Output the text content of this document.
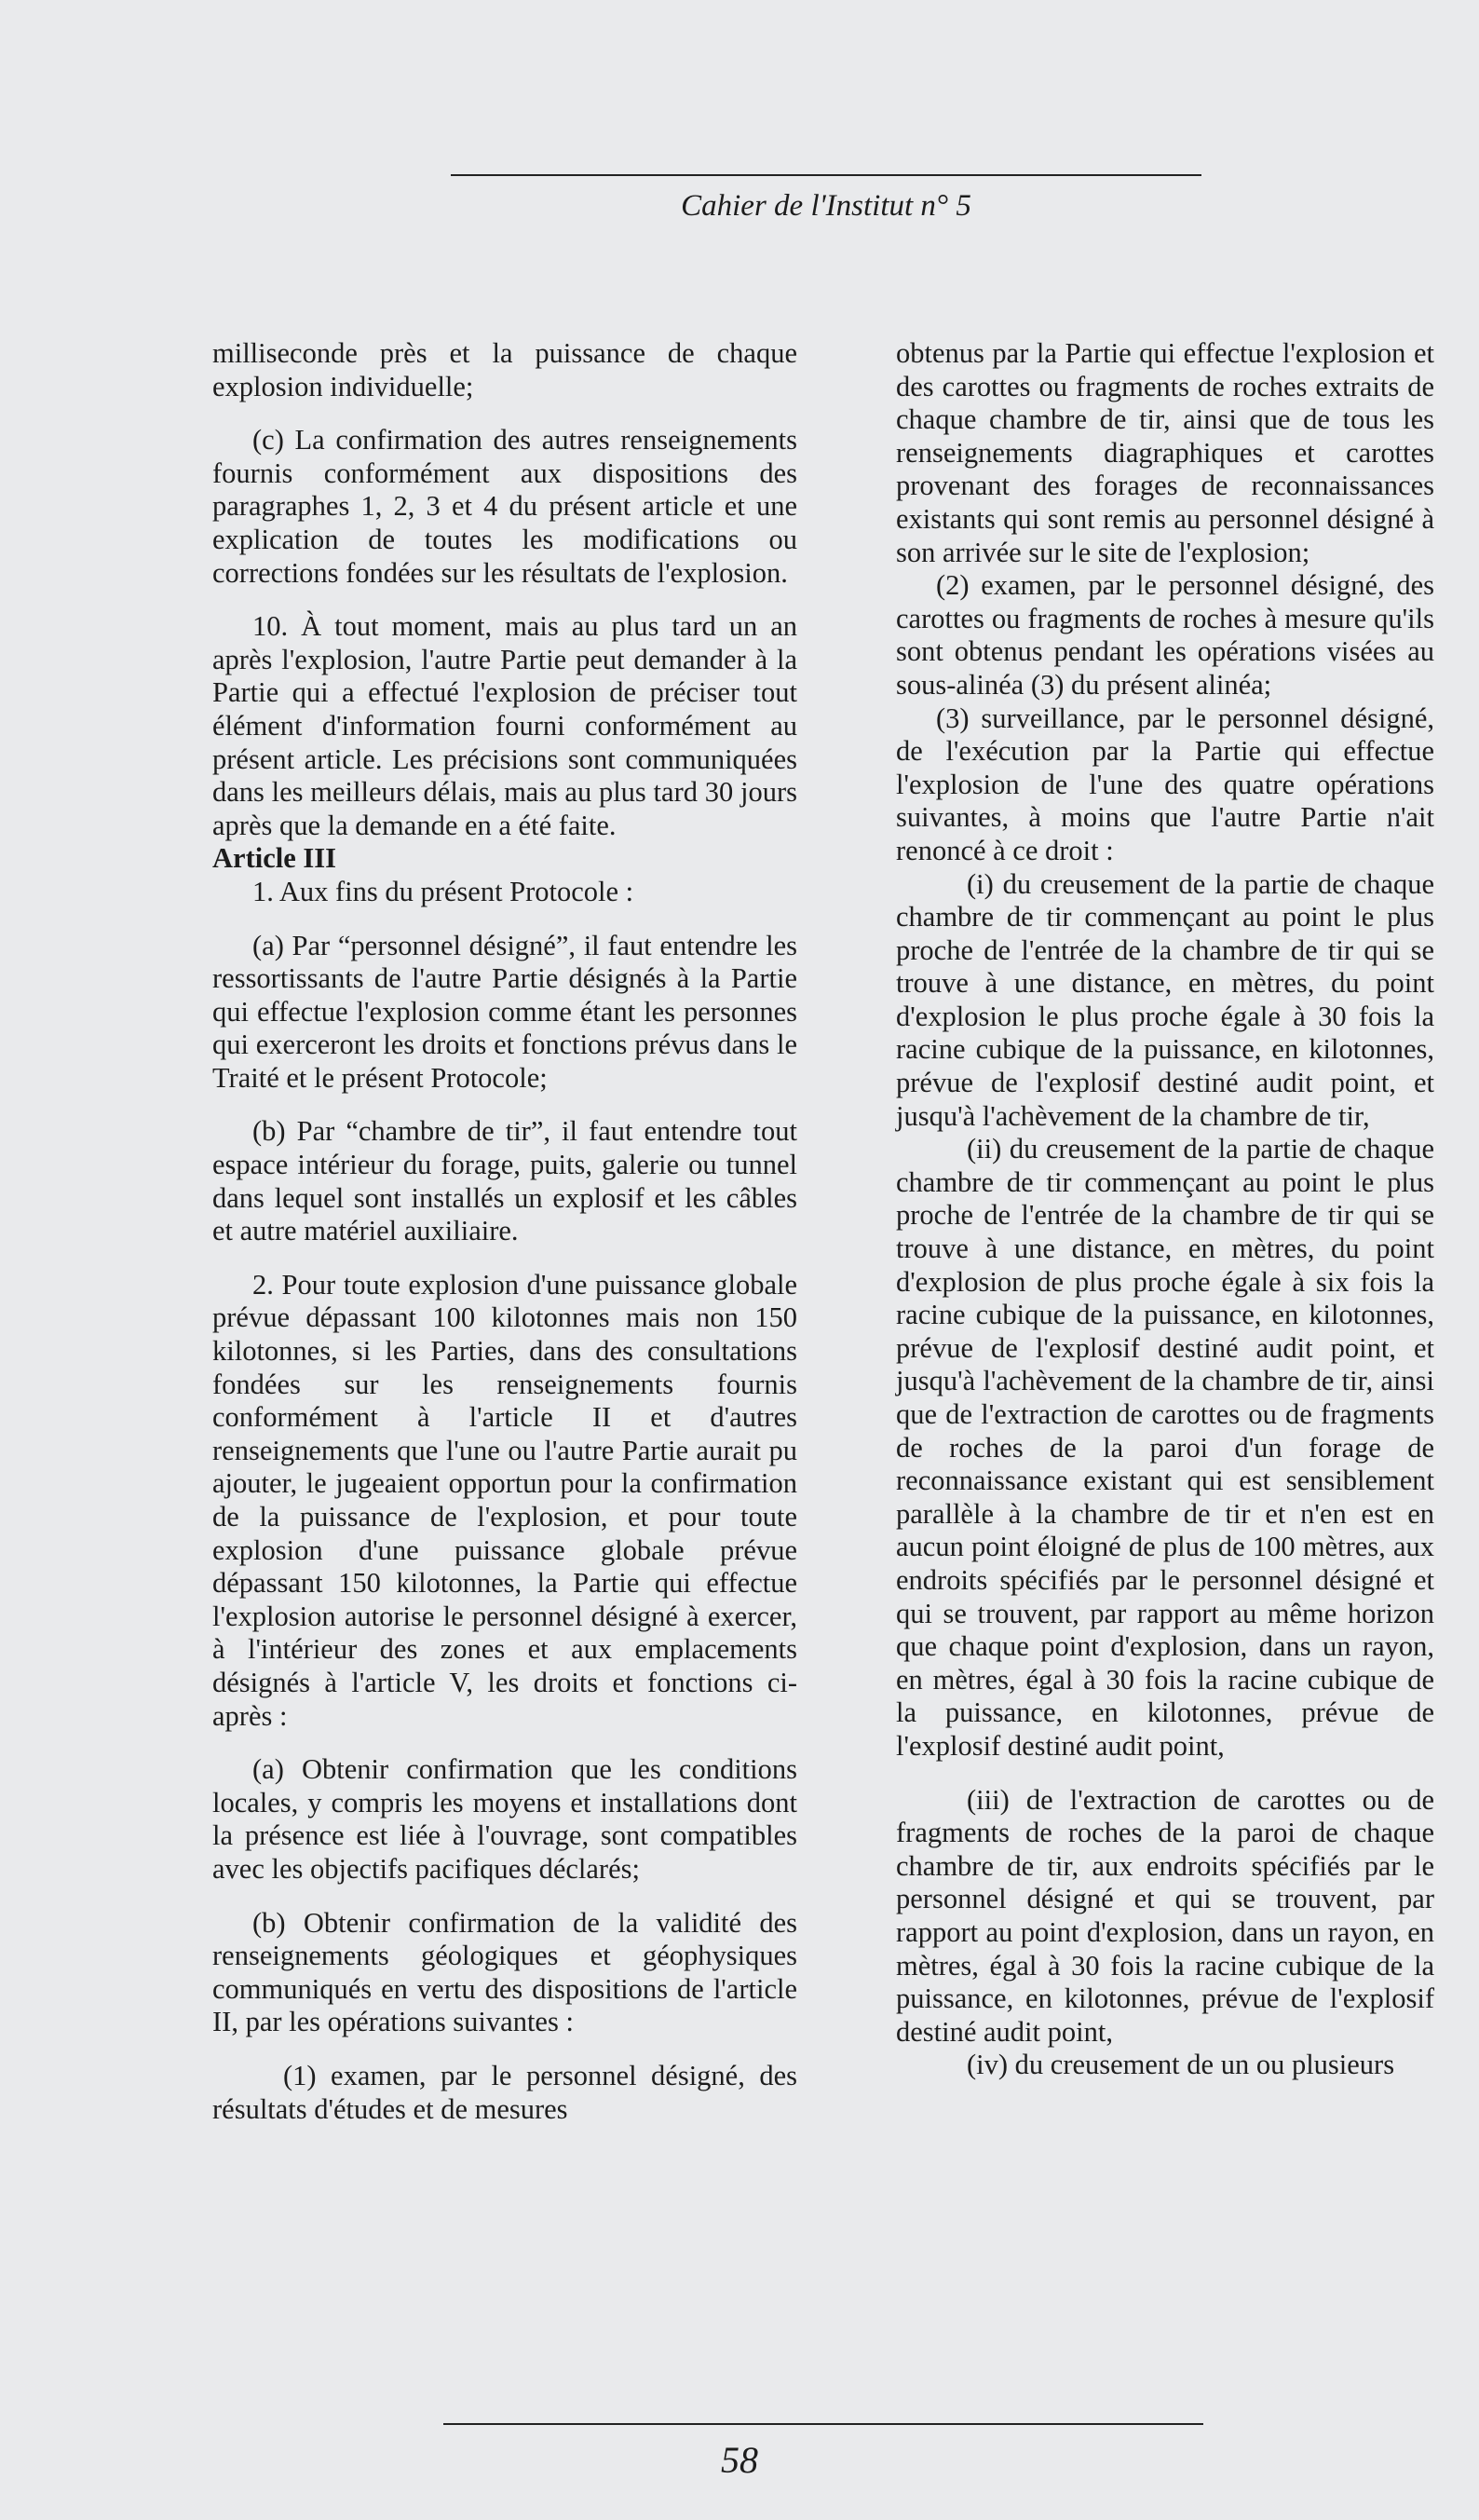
Cahier de l'Institut n° 5

milliseconde près et la puissance de chaque explosion individuelle;

(c) La confirmation des autres renseignements fournis conformément aux dispositions des paragraphes 1, 2, 3 et 4 du présent article et une explication de toutes les modifications ou corrections fondées sur les résultats de l'explosion.

10. À tout moment, mais au plus tard un an après l'explosion, l'autre Partie peut demander à la Partie qui a effectué l'explosion de préciser tout élément d'information fourni conformément au présent article. Les précisions sont communiquées dans les meilleurs délais, mais au plus tard 30 jours après que la demande en a été faite.

Article III

1. Aux fins du présent Protocole :

(a) Par “personnel désigné”, il faut entendre les ressortissants de l'autre Partie désignés à la Partie qui effectue l'explosion comme étant les personnes qui exerceront les droits et fonctions prévus dans le Traité et le présent Protocole;

(b) Par “chambre de tir”, il faut entendre tout espace intérieur du forage, puits, galerie ou tunnel dans lequel sont installés un explosif et les câbles et autre matériel auxiliaire.

2. Pour toute explosion d'une puissance globale prévue dépassant 100 kilotonnes mais non 150 kilotonnes, si les Parties, dans des consultations fondées sur les renseignements fournis conformément à l'article II et d'autres renseignements que l'une ou l'autre Partie aurait pu ajouter, le jugeaient opportun pour la confirmation de la puissance de l'explosion, et pour toute explosion d'une puissance globale prévue dépassant 150 kilotonnes, la Partie qui effectue l'explosion autorise le personnel désigné à exercer, à l'intérieur des zones et aux emplacements désignés à l'article V, les droits et fonctions ci-après :

(a) Obtenir confirmation que les conditions locales, y compris les moyens et installations dont la présence est liée à l'ouvrage, sont compatibles avec les objectifs pacifiques déclarés;

(b) Obtenir confirmation de la validité des renseignements géologiques et géophysiques communiqués en vertu des dispositions de l'article II, par les opérations suivantes :

(1) examen, par le personnel désigné, des résultats d'études et de mesures

obtenus par la Partie qui effectue l'explosion et des carottes ou fragments de roches extraits de chaque chambre de tir, ainsi que de tous les renseignements diagraphiques et carottes provenant des forages de reconnaissances existants qui sont remis au personnel désigné à son arrivée sur le site de l'explosion;

(2) examen, par le personnel désigné, des carottes ou fragments de roches à mesure qu'ils sont obtenus pendant les opérations visées au sous-alinéa (3) du présent alinéa;

(3) surveillance, par le personnel désigné, de l'exécution par la Partie qui effectue l'explosion de l'une des quatre opérations suivantes, à moins que l'autre Partie n'ait renoncé à ce droit :

(i) du creusement de la partie de chaque chambre de tir commençant au point le plus proche de l'entrée de la chambre de tir qui se trouve à une distance, en mètres, du point d'explosion le plus proche égale à 30 fois la racine cubique de la puissance, en kilotonnes, prévue de l'explosif destiné audit point, et jusqu'à l'achèvement de la chambre de tir,

(ii) du creusement de la partie de chaque chambre de tir commençant au point le plus proche de l'entrée de la chambre de tir qui se trouve à une distance, en mètres, du point d'explosion de plus proche égale à six fois la racine cubique de la puissance, en kilotonnes, prévue de l'explosif destiné audit point, et jusqu'à l'achèvement de la chambre de tir, ainsi que de l'extraction de carottes ou de fragments de roches de la paroi d'un forage de reconnaissance existant qui est sensiblement parallèle à la chambre de tir et n'en est en aucun point éloigné de plus de 100 mètres, aux endroits spécifiés par le personnel désigné et qui se trouvent, par rapport au même horizon que chaque point d'explosion, dans un rayon, en mètres, égal à 30 fois la racine cubique de la puissance, en kilotonnes, prévue de l'explosif destiné audit point,

(iii) de l'extraction de carottes ou de fragments de roches de la paroi de chaque chambre de tir, aux endroits spécifiés par le personnel désigné et qui se trouvent, par rapport au point d'explosion, dans un rayon, en mètres, égal à 30 fois la racine cubique de la puissance, en kilotonnes, prévue de l'explosif destiné audit point,

(iv) du creusement de un ou plusieurs

58
